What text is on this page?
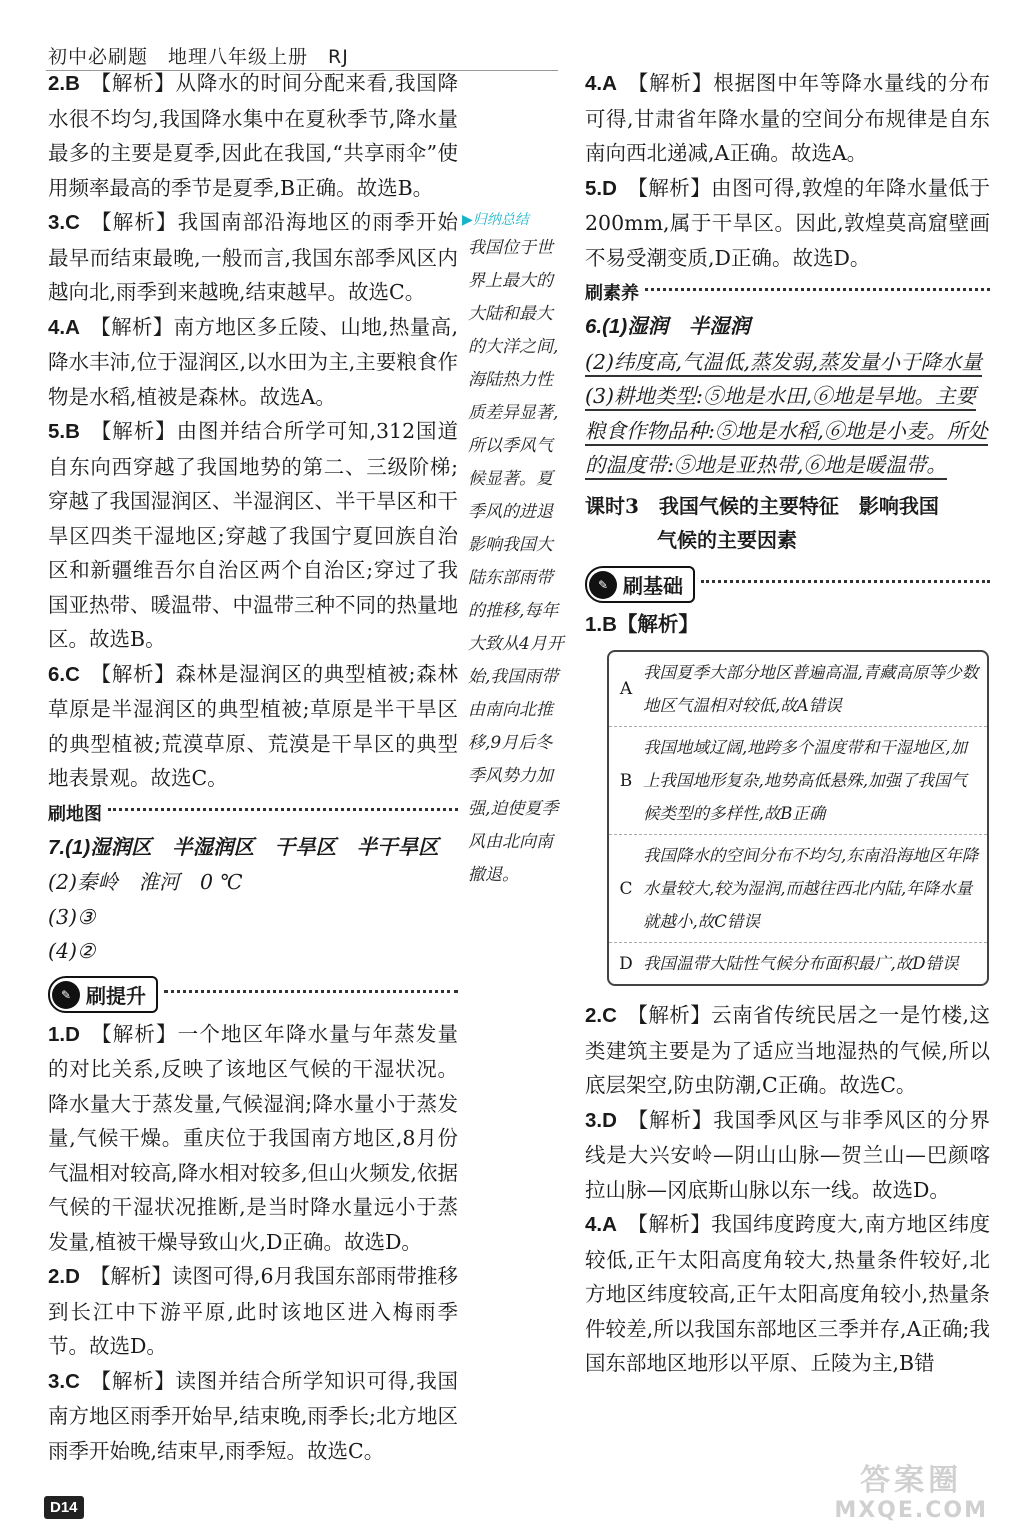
初中必刷题　地理八年级上册　RJ
2.B 【解析】从降水的时间分配来看,我国降水很不均匀,我国降水集中在夏秋季节,降水量最多的主要是夏季,因此在我国,“共享雨伞”使用频率最高的季节是夏季,B正确。故选B。
3.C 【解析】我国南部沿海地区的雨季开始最早而结束最晚,一般而言,我国东部季风区内越向北,雨季到来越晚,结束越早。故选C。
4.A 【解析】南方地区多丘陵、山地,热量高,降水丰沛,位于湿润区,以水田为主,主要粮食作物是水稻,植被是森林。故选A。
5.B 【解析】由图并结合所学可知,312国道自东向西穿越了我国地势的第二、三级阶梯;穿越了我国湿润区、半湿润区、半干旱区和干旱区四类干湿地区;穿越了我国宁夏回族自治区和新疆维吾尔自治区两个自治区;穿过了我国亚热带、暖温带、中温带三种不同的热量地区。故选B。
6.C 【解析】森林是湿润区的典型植被;森林草原是半湿润区的典型植被;草原是半干旱区的典型植被;荒漠草原、荒漠是干旱区的典型地表景观。故选C。
刷地图
7.(1)湿润区　半湿润区　干旱区　半干旱区
(2)秦岭　淮河　0 ℃
(3)③
(4)②
✎ 刷提升
1.D 【解析】一个地区年降水量与年蒸发量的对比关系,反映了该地区气候的干湿状况。降水量大于蒸发量,气候湿润;降水量小于蒸发量,气候干燥。重庆位于我国南方地区,8月份气温相对较高,降水相对较多,但山火频发,依据气候的干湿状况推断,是当时降水量远小于蒸发量,植被干燥导致山火,D正确。故选D。
2.D 【解析】读图可得,6月我国东部雨带推移到长江中下游平原,此时该地区进入梅雨季节。故选D。
3.C 【解析】读图并结合所学知识可得,我国南方地区雨季开始早,结束晚,雨季长;北方地区雨季开始晚,结束早,雨季短。故选C。
▶归纳总结
我国位于世界上最大的大陆和最大的大洋之间,海陆热力性质差异显著,所以季风气候显著。夏季风的进退影响我国大陆东部雨带的推移,每年大致从4月开始,我国雨带由南向北推移,9月后冬季风势力加强,迫使夏季风由北向南撤退。
4.A 【解析】根据图中年等降水量线的分布可得,甘肃省年降水量的空间分布规律是自东南向西北递减,A正确。故选A。
5.D 【解析】由图可得,敦煌的年降水量低于200mm,属于干旱区。因此,敦煌莫高窟壁画不易受潮变质,D正确。故选D。
刷素养
6.(1)湿润　半湿润
(2)纬度高,气温低,蒸发弱,蒸发量小于降水量
(3)耕地类型:⑤地是水田,⑥地是旱地。主要粮食作物品种:⑤地是水稻,⑥地是小麦。所处的温度带:⑤地是亚热带,⑥地是暖温带。
课时3　我国气候的主要特征　影响我国
气候的主要因素
✎ 刷基础
1.B【解析】
A
我国夏季大部分地区普遍高温,青藏高原等少数地区气温相对较低,故A错误
B
我国地域辽阔,地跨多个温度带和干湿地区,加上我国地形复杂,地势高低悬殊,加强了我国气候类型的多样性,故B正确
C
我国降水的空间分布不均匀,东南沿海地区年降水量较大,较为湿润,而越往西北内陆,年降水量就越小,故C错误
D 我国温带大陆性气候分布面积最广,故D错误
2.C 【解析】云南省传统民居之一是竹楼,这类建筑主要是为了适应当地湿热的气候,所以底层架空,防虫防潮,C正确。故选C。
3.D 【解析】我国季风区与非季风区的分界线是大兴安岭—阴山山脉—贺兰山—巴颜喀拉山脉—冈底斯山脉以东一线。故选D。
4.A 【解析】我国纬度跨度大,南方地区纬度较低,正午太阳高度角较大,热量条件较好,北方地区纬度较高,正午太阳高度角较小,热量条件较差,所以我国东部地区三季并存,A正确;我国东部地区地形以平原、丘陵为主,B错
D14
答案圈
MXQE.COM
